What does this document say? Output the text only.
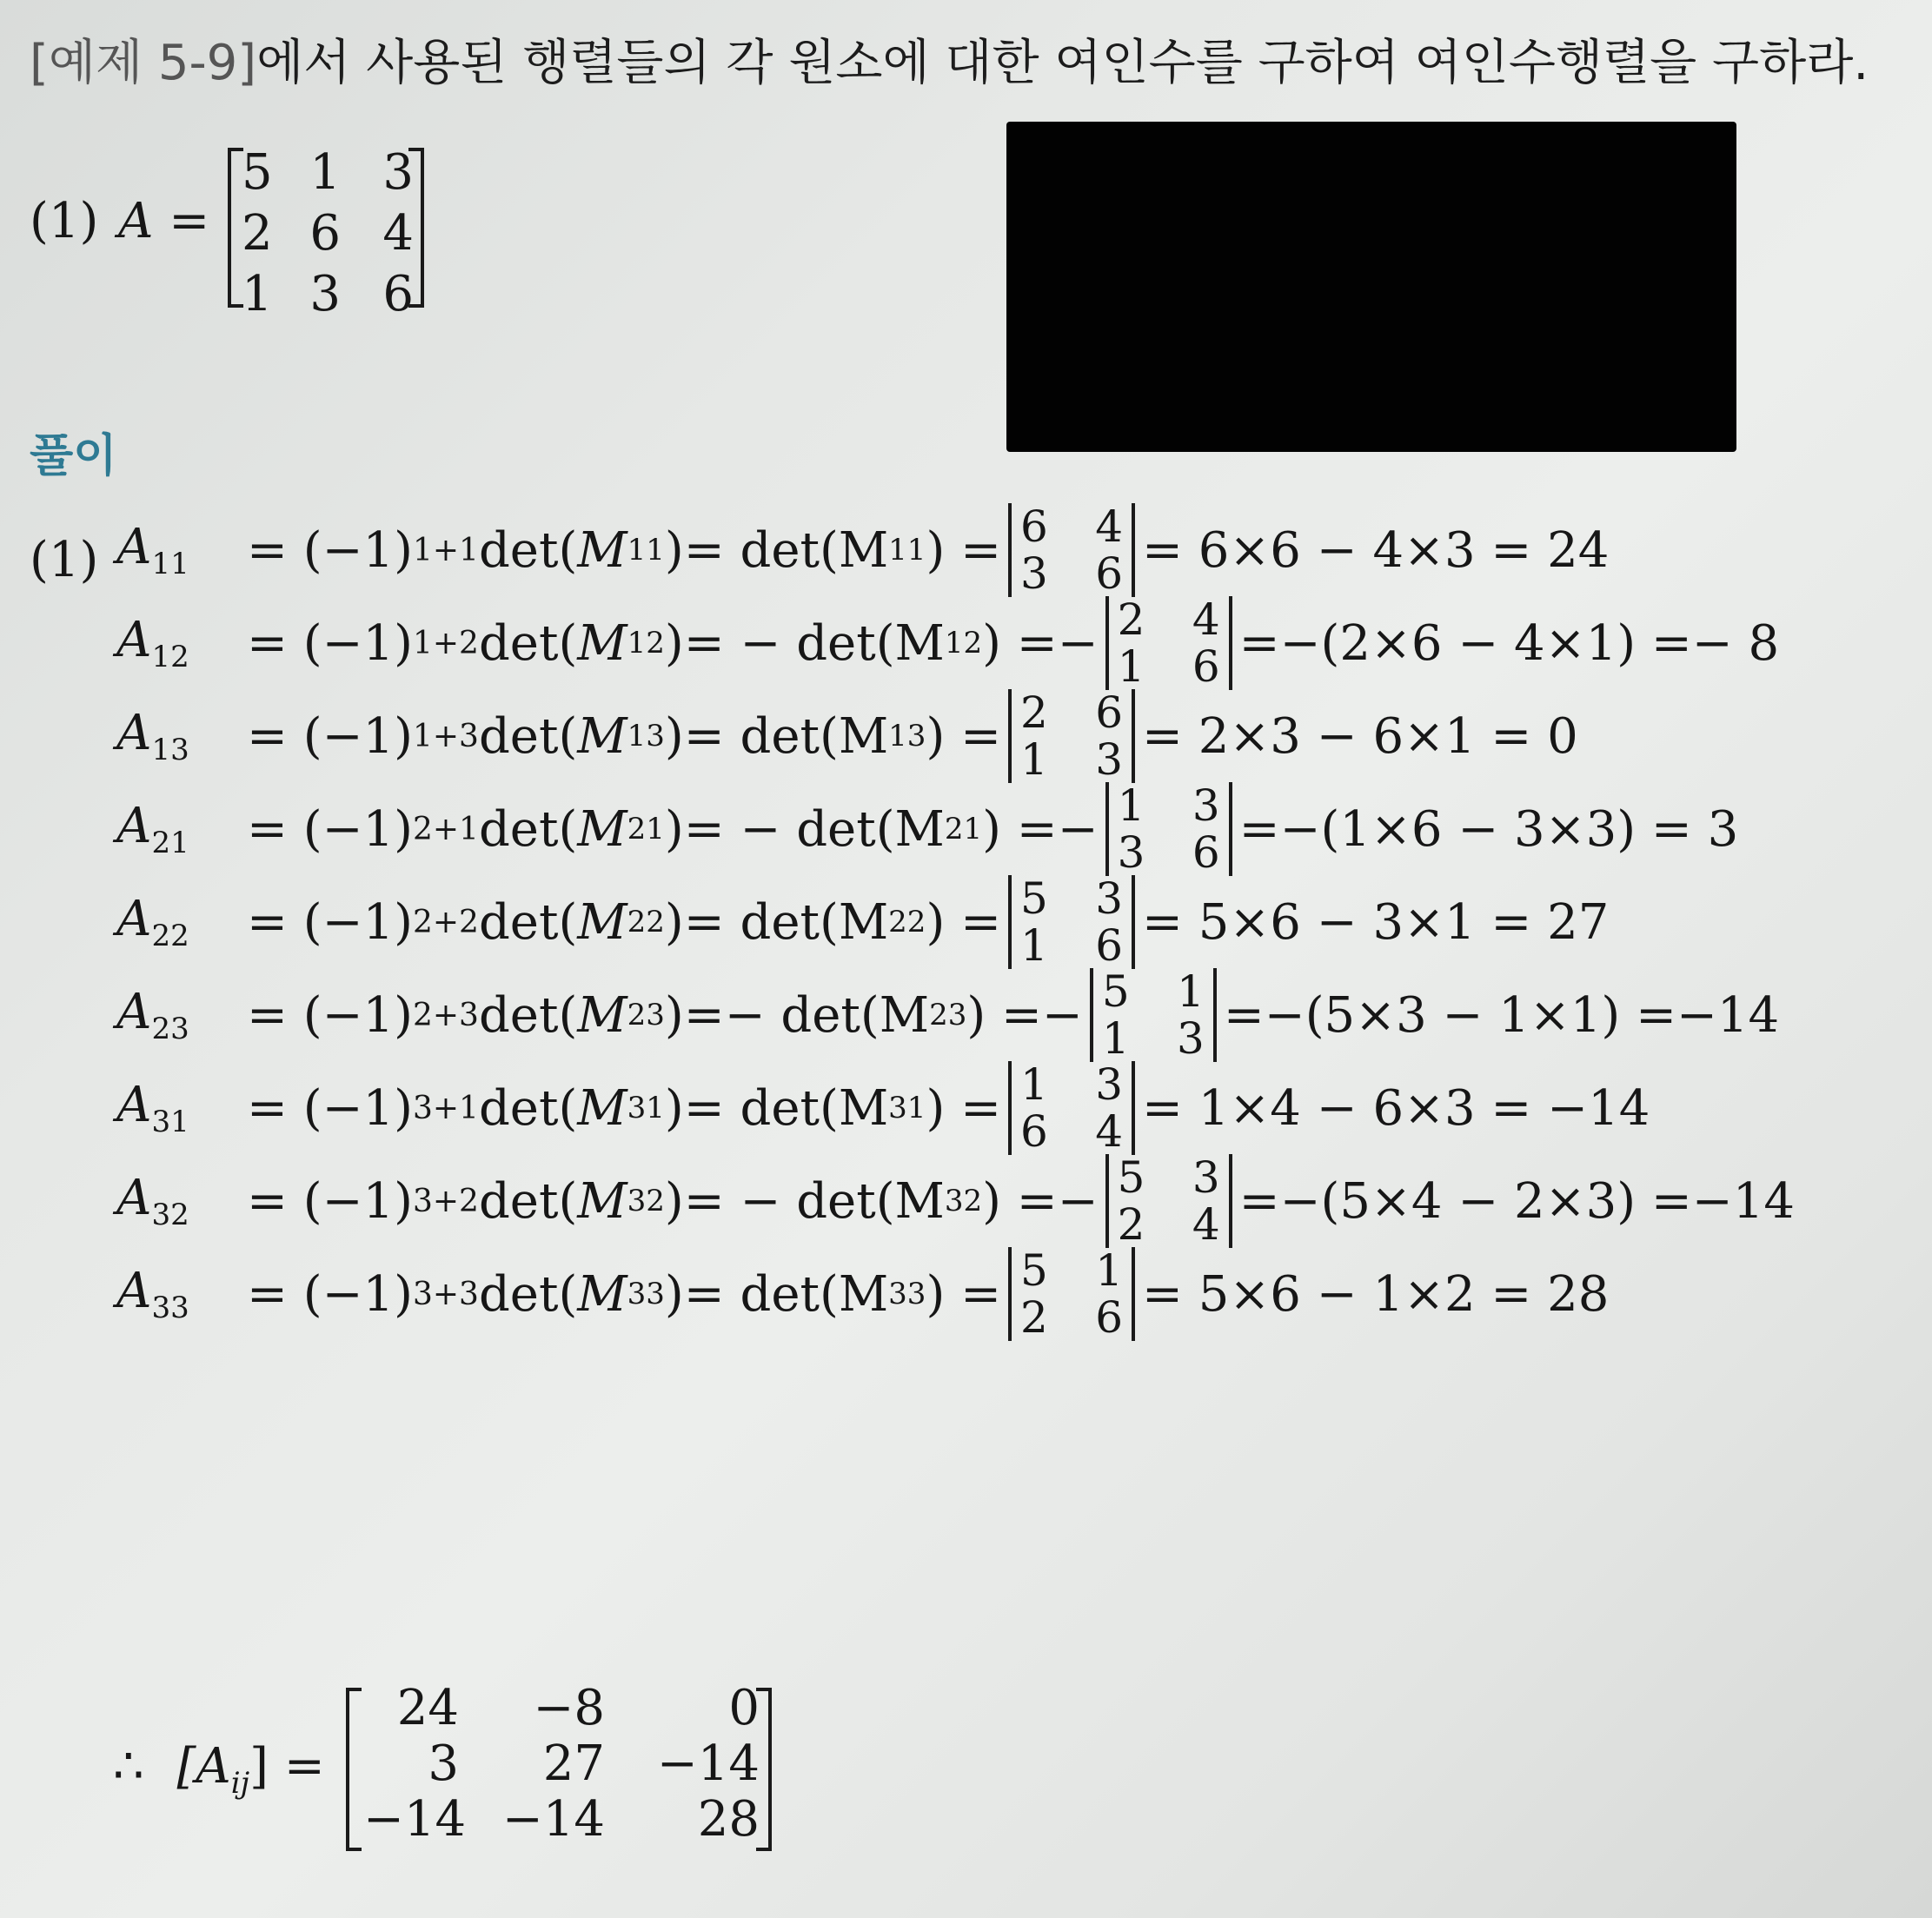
[예제 5-9]에서 사용된 행렬들의 각 원소에 대한 여인수를 구하여 여인수행렬을 구하라.
(1) A =
5 1 3
2 6 4
1 3 6
풀이
(1) $A_{11}$	= (−1) 1+1 det( M 11 ) = det(M 11 ) = 6 4
3 6 = 6×6 − 4×3 = 24
$A_{12}$	= (−1) 1+2 det( M 12 ) = − det(M 12 ) =− 2 4
1 6 =−(2×6 − 4×1) =− 8
$A_{13}$	= (−1) 1+3 det( M 13 ) = det(M 13 ) = 2 6
1 3 = 2×3 − 6×1 = 0
$A_{21}$	= (−1) 2+1 det( M 21 ) = − det(M 21 ) =− 1 3
3 6 =−(1×6 − 3×3) = 3
$A_{22}$	= (−1) 2+2 det( M 22 ) = det(M 22 ) = 5 3
1 6 = 5×6 − 3×1 = 27
$A_{23}$	= (−1) 2+3 det( M 23 ) =− det(M 23 ) =− 5 1
1 3 =−(5×3 − 1×1) =−14
$A_{31}$	= (−1) 3+1 det( M 31 ) = det(M 31 ) = 1 3
6 4 = 1×4 − 6×3 = −14
$A_{32}$	= (−1) 3+2 det( M 32 ) = − det(M 32 ) =− 5 3
2 4 =−(5×4 − 2×3) =−14
$A_{33}$	= (−1) 3+3 det( M 33 ) = det(M 33 ) = 5 1
2 6 = 5×6 − 1×2 = 28
∴ $[A_{ij}]$ =
24	−8	0
3	27 −14
−14 −14	28
